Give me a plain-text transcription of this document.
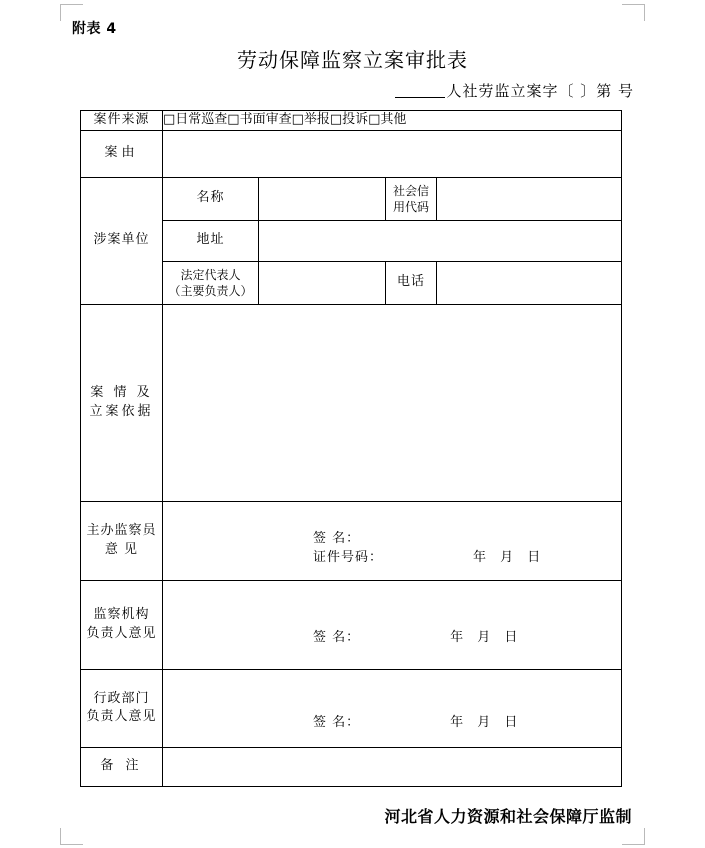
附表 4
劳动保障监察立案审批表
人社劳监立案字〔 〕第 号
案件来源	□日常巡查□书面审查□举报□投诉□其他			
案由				
涉案单位	名称		社会信
用代码	
	地址			
	法定代表人
（主要负责人）		电话	
案 情 及
立案依据				
主办监察员
意 见	签 名：
证件号码： 年 月 日			

监察机构
负责人意见	签 名： 年 月 日			

行政部门
负责人意见	签 名： 年 月 日			

备 注				
河北省人力资源和社会保障厅监制
